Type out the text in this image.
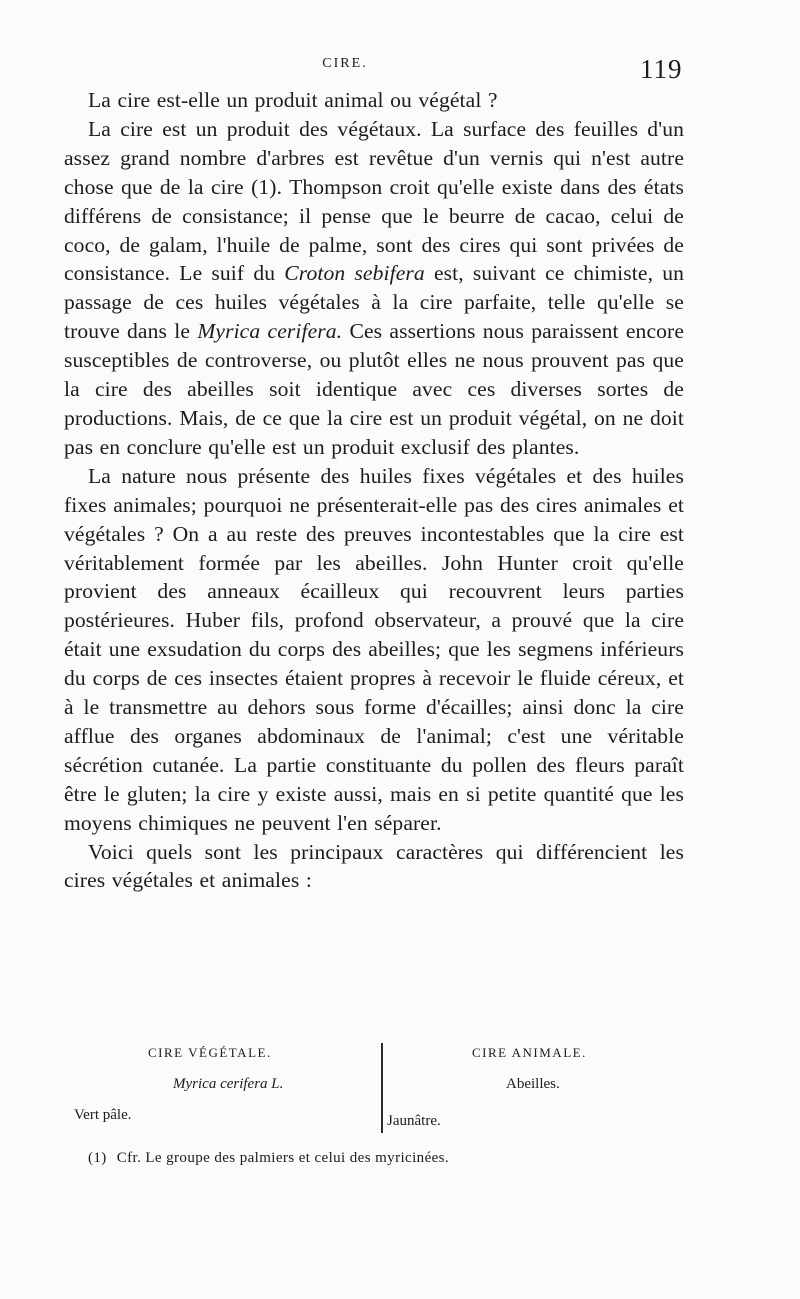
CIRE.	119

La cire est-elle un produit animal ou végétal ?

La cire est un produit des végétaux. La surface des feuilles d'un assez grand nombre d'arbres est revêtue d'un vernis qui n'est autre chose que de la cire (1). Thompson croit qu'elle existe dans des états différens de consistance; il pense que le beurre de cacao, celui de coco, de galam, l'huile de palme, sont des cires qui sont privées de consistance. Le suif du Croton sebifera est, suivant ce chimiste, un passage de ces huiles végétales à la cire parfaite, telle qu'elle se trouve dans le Myrica cerifera. Ces assertions nous paraissent encore susceptibles de controverse, ou plutôt elles ne nous prouvent pas que la cire des abeilles soit identique avec ces diverses sortes de productions. Mais, de ce que la cire est un produit végétal, on ne doit pas en conclure qu'elle est un produit exclusif des plantes.

La nature nous présente des huiles fixes végétales et des huiles fixes animales; pourquoi ne présenterait-elle pas des cires animales et végétales ? On a au reste des preuves incontestables que la cire est véritablement formée par les abeilles. John Hunter croit qu'elle provient des anneaux écailleux qui recouvrent leurs parties postérieures. Huber fils, profond observateur, a prouvé que la cire était une exsudation du corps des abeilles; que les segmens inférieurs du corps de ces insectes étaient propres à recevoir le fluide céreux, et à le transmettre au dehors sous forme d'écailles; ainsi donc la cire afflue des organes abdominaux de l'animal; c'est une véritable sécrétion cutanée. La partie constituante du pollen des fleurs paraît être le gluten; la cire y existe aussi, mais en si petite quantité que les moyens chimiques ne peuvent l'en séparer.

Voici quels sont les principaux caractères qui différencient les cires végétales et animales :

CIRE VÉGÉTALE.	CIRE ANIMALE.
Myrica cerifera L.
Vert pâle.
Abeilles.
Jaunâtre.
(1) Cfr. Le groupe des palmiers et celui des myricinées.
